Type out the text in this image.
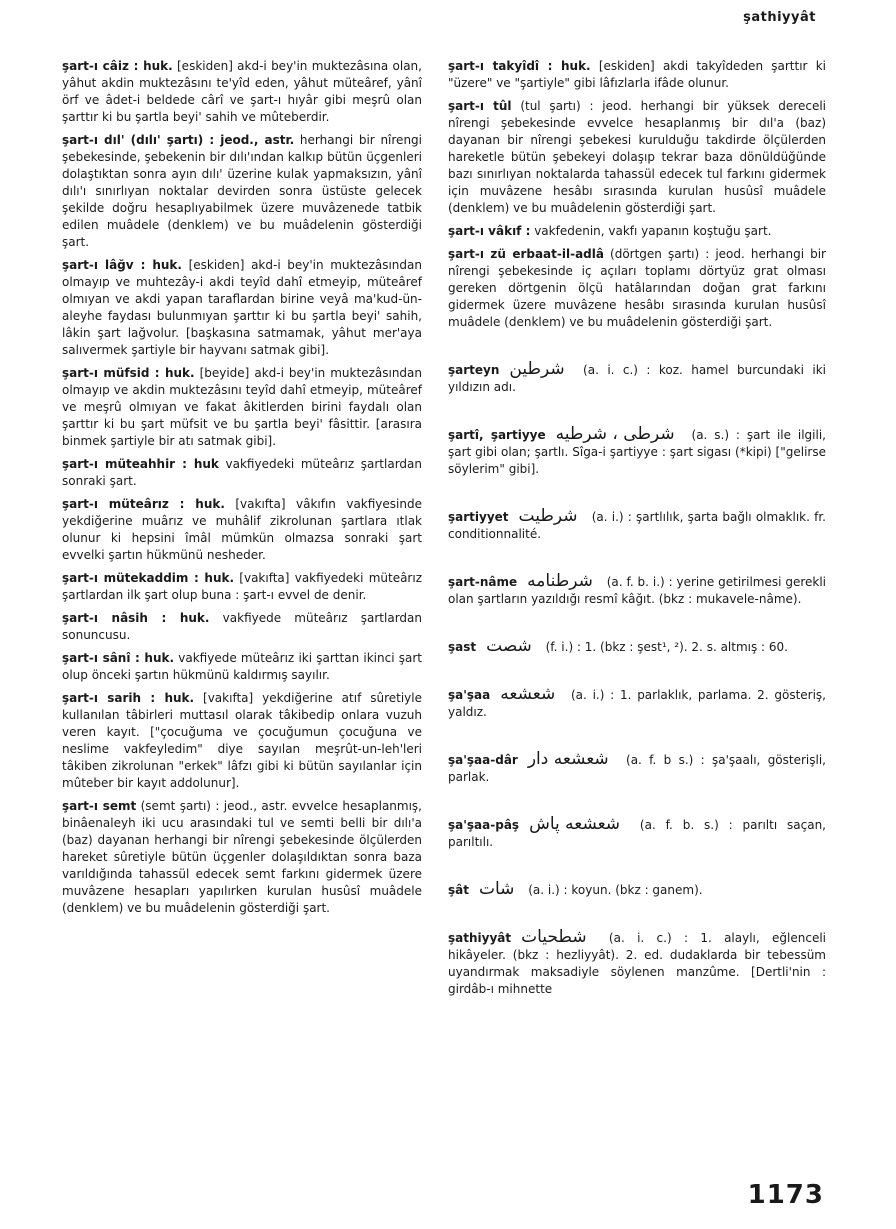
şathiyyât

şart-ı câiz : huk. [eskiden] akd-i bey'in muktezâsına olan, yâhut akdin muktezâsını te'yîd eden, yâhut müteâref, yânî örf ve âdet-i beldede cârî ve şart-ı hıyâr gibi meşrû olan şarttır ki bu şartla beyi' sahih ve mûteberdir.

şart-ı dıl' (dılı' şartı) : jeod., astr. herhangi bir nîrengi şebekesinde, şebekenin bir dılı'ından kalkıp bütün üçgenleri dolaştıktan sonra ayın dılı' üzerine kulak yapmaksızın, yânî dılı'ı sınırlıyan noktalar devirden sonra üstüste gelecek şekilde doğru hesaplıyabilmek üzere muvâzenede tatbik edilen muâdele (denklem) ve bu muâdelenin gösterdiği şart.

şart-ı lâğv : huk. [eskiden] akd-i bey'in muktezâsından olmayıp ve muhtezây-i akdi teyîd dahî etmeyip, müteâref olmıyan ve akdi yapan taraflardan birine veyâ ma'kud-ün-aleyhe faydası bulunmıyan şarttır ki bu şartla beyi' sahih, lâkin şart lağvolur. [başkasına satmamak, yâhut mer'aya salıvermek şartiyle bir hayvanı satmak gibi].

şart-ı müfsid : huk. [beyide] akd-i bey'in muktezâsından olmayıp ve akdin muktezâsını teyîd dahî etmeyip, müteâref ve meşrû olmıyan ve fakat âkitlerden birini faydalı olan şarttır ki bu şart müfsit ve bu şartla beyi' fâsittir. [arasıra binmek şartiyle bir atı satmak gibi].

şart-ı müteahhir : huk vakfiyedeki müteârız şartlardan sonraki şart.

şart-ı müteârız : huk. [vakıfta] vâkıfın vakfiyesinde yekdiğerine muârız ve muhâlif zikrolunan şartlara ıtlak olunur ki hepsini îmâl mümkün olmazsa sonraki şart evvelki şartın hükmünü nesheder.

şart-ı mütekaddim : huk. [vakıfta] vakfiyedeki müteârız şartlardan ilk şart olup buna : şart-ı evvel de denir.

şart-ı nâsih : huk. vakfiyede müteârız şartlardan sonuncusu.

şart-ı sânî : huk. vakfiyede müteârız iki şarttan ikinci şart olup önceki şartın hükmünü kaldırmış sayılır.

şart-ı sarih : huk. [vakıfta] yekdiğerine atıf sûretiyle kullanılan tâbirleri muttasıl olarak tâkibedip onlara vuzuh veren kayıt. ["çocuğuma ve çocuğumun çocuğuna ve neslime vakfeyledim" diye sayılan meşrût-un-leh'leri tâkiben zikrolunan "erkek" lâfzı gibi ki bütün sayılanlar için mûteber bir kayıt addolunur].

şart-ı semt (semt şartı) : jeod., astr. evvelce hesaplanmış, binâenaleyh iki ucu arasındaki tul ve semti belli bir dılı'a (baz) dayanan herhangi bir nîrengi şebekesinde ölçülerden hareket sûretiyle bütün üçgenler dolaşıldıktan sonra baza varıldığında tahassül edecek semt farkını gidermek üzere muvâzene hesapları yapılırken kurulan husûsî muâdele (denklem) ve bu muâdelenin gösterdiği şart.

şart-ı takyîdî : huk. [eskiden] akdi takyîdeden şarttır ki "üzere" ve "şartiyle" gibi lâfızlarla ifâde olunur.

şart-ı tûl (tul şartı) : jeod. herhangi bir yüksek dereceli nîrengi şebekesinde evvelce hesaplanmış bir dıl'a (baz) dayanan bir nîrengi şebekesi kurulduğu takdirde ölçülerden hareketle bütün şebekeyi dolaşıp tekrar baza dönüldüğünde bazı sınırlıyan noktalarda tahassül edecek tul farkını gidermek için muvâzene hesâbı sırasında kurulan husûsî muâdele (denklem) ve bu muâdelenin gösterdiği şart.

şart-ı vâkıf : vakfedenin, vakfı yapanın koştuğu şart.

şart-ı zü erbaat-il-adlâ (dörtgen şartı) : jeod. herhangi bir nîrengi şebekesinde iç açıları toplamı dörtyüz grat olması gereken dörtgenin ölçü hatâlarından doğan grat farkını gidermek üzere muvâzene hesâbı sırasında kurulan husûsî muâdele (denklem) ve bu muâdelenin gösterdiği şart.

şarteyn شرطين (a. i. c.) : koz. hamel burcundaki iki yıldızın adı.

şartî, şartiyye شرطى ، شرطيه (a. s.) : şart ile ilgili, şart gibi olan; şartlı. Sîga-i şartiyye : şart sigası (*kipi) ["gelirse söylerim" gibi].

şartiyyet شرطيت (a. i.) : şartlılık, şarta bağlı olmaklık. fr. conditionnalité.

şart-nâme شرطنامه (a. f. b. i.) : yerine getirilmesi gerekli olan şartların yazıldığı resmî kâğıt. (bkz : mukavele-nâme).

şast شصت (f. i.) : 1. (bkz : şest¹, ²). 2. s. altmış : 60.

şa'şaa شعشعه (a. i.) : 1. parlaklık, parlama. 2. gösteriş, yaldız.

şa'şaa-dâr شعشعه دار (a. f. b s.) : şa'şaalı, gösterişli, parlak.

şa'şaa-pâş شعشعه پاش (a. f. b. s.) : parıltı saçan, parıltılı.

şât شات (a. i.) : koyun. (bkz : ganem).

şathiyyât شطحيات (a. i. c.) : 1. alaylı, eğlenceli hikâyeler. (bkz : hezliyyât). 2. ed. dudaklarda bir tebessüm uyandırmak maksadiyle söylenen manzûme. [Dertli'nin : girdâb-ı mihnette

1173
